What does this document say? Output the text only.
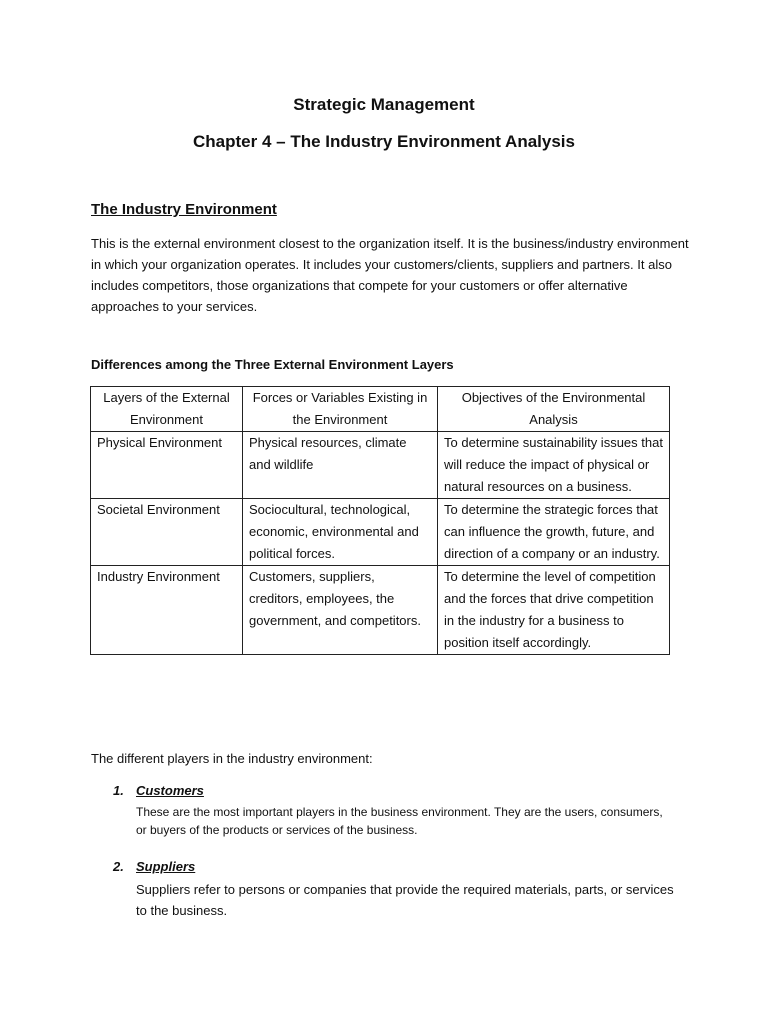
Strategic Management
Chapter 4 – The Industry Environment Analysis
The Industry Environment

This is the external environment closest to the organization itself. It is the business/industry environment in which your organization operates. It includes your customers/clients, suppliers and partners. It also includes competitors, those organizations that compete for your customers or offer alternative approaches to your services.

Differences among the Three External Environment Layers

Layers of the External Environment	Forces or Variables Existing in the Environment	Objectives of the Environmental Analysis
Physical Environment	Physical resources, climate and wildlife	To determine sustainability issues that will reduce the impact of physical or natural resources on a business.
Societal Environment	Sociocultural, technological, economic, environmental and political forces.	To determine the strategic forces that can influence the growth, future, and direction of a company or an industry.
Industry Environment	Customers, suppliers, creditors, employees, the government, and competitors.	To determine the level of competition and the forces that drive competition in the industry for a business to position itself accordingly.

The different players in the industry environment:

1. Customers

These are the most important players in the business environment. They are the users, consumers, or buyers of the products or services of the business.

2. Suppliers

Suppliers refer to persons or companies that provide the required materials, parts, or services to the business.
